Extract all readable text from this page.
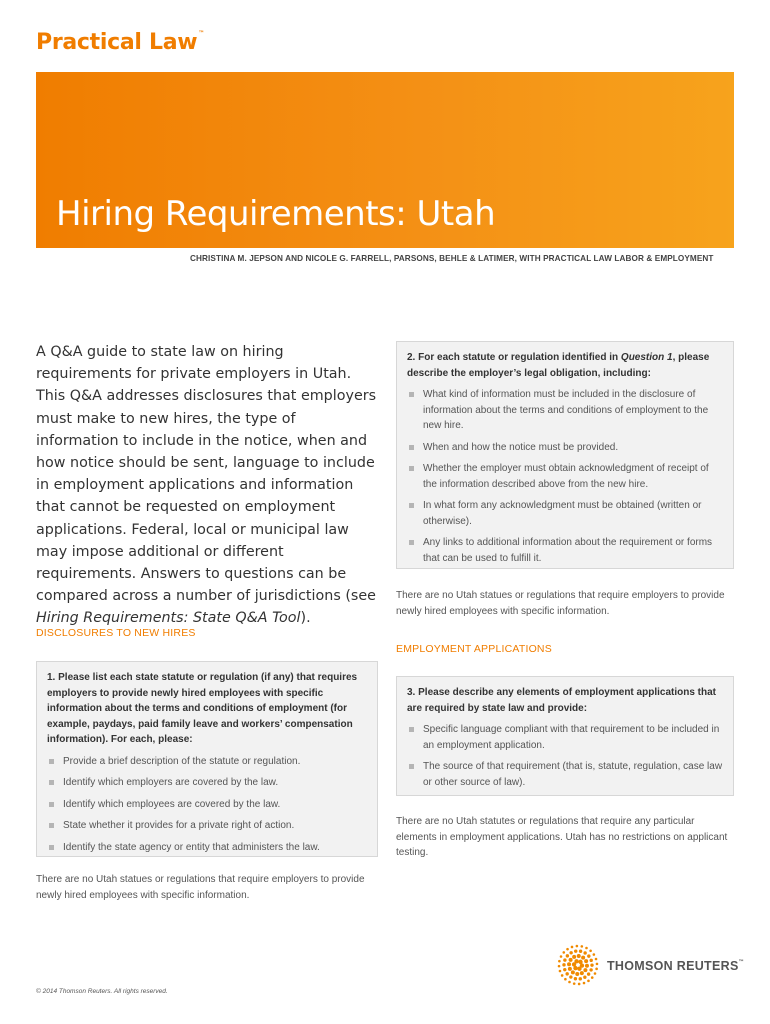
Practical Law™
Hiring Requirements: Utah
CHRISTINA M. JEPSON AND NICOLE G. FARRELL, PARSONS, BEHLE & LATIMER, WITH PRACTICAL LAW LABOR & EMPLOYMENT
A Q&A guide to state law on hiring requirements for private employers in Utah. This Q&A addresses disclosures that employers must make to new hires, the type of information to include in the notice, when and how notice should be sent, language to include in employment applications and information that cannot be requested on employment applications. Federal, local or municipal law may impose additional or different requirements. Answers to questions can be compared across a number of jurisdictions (see Hiring Requirements: State Q&A Tool).
DISCLOSURES TO NEW HIRES
1. Please list each state statute or regulation (if any) that requires employers to provide newly hired employees with specific information about the terms and conditions of employment (for example, paydays, paid family leave and workers’ compensation information). For each, please:
Provide a brief description of the statute or regulation.
Identify which employers are covered by the law.
Identify which employees are covered by the law.
State whether it provides for a private right of action.
Identify the state agency or entity that administers the law.
There are no Utah statues or regulations that require employers to provide newly hired employees with specific information.
2. For each statute or regulation identified in Question 1, please describe the employer’s legal obligation, including:
What kind of information must be included in the disclosure of information about the terms and conditions of employment to the new hire.
When and how the notice must be provided.
Whether the employer must obtain acknowledgment of receipt of the information described above from the new hire.
In what form any acknowledgment must be obtained (written or otherwise).
Any links to additional information about the requirement or forms that can be used to fulfill it.
There are no Utah statues or regulations that require employers to provide newly hired employees with specific information.
EMPLOYMENT APPLICATIONS
3. Please describe any elements of employment applications that are required by state law and provide:
Specific language compliant with that requirement to be included in an employment application.
The source of that requirement (that is, statute, regulation, case law or other source of law).
There are no Utah statutes or regulations that require any particular elements in employment applications. Utah has no restrictions on applicant testing.
THOMSON REUTERS™
© 2014 Thomson Reuters. All rights reserved.
